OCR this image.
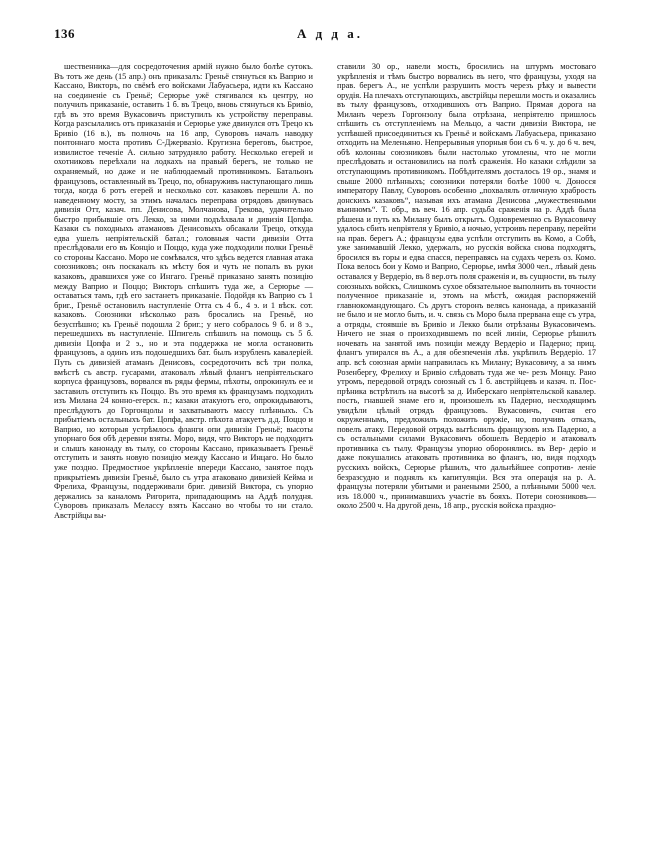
136	А д д а.

шественника—для сосредоточения армій нужно было болѣе сутокъ. Въ тотъ же день (15 апр.) онъ приказалъ: Греньё стянуться къ Ваприо и Кассано, Викторъ, по свёмѣ его войсками Лабуасьера, идти къ Кассано на соединеніе съ Греньё; Серюрье ужё стягивался къ центру, но получилъ приказаніе, оставить 1 б. въ Трецо, вновь стянуться къ Бривіо, гдѣ въ это время Вукасовичъ приступилъ къ устройству переправы. Когда разсылались отъ приказанія и Серюрье уже двинулся отъ Трецо къ Бривіо (16 в.), въ полночь на 16 апр, Суворовъ началъ наводку понтоннаго моста противъ С-Джервазіо. Кругизна береговъ, быстрое, извилистое теченіе А. сильно затрудняло работу. Несколько егерей и охотниковъ переѣхали на лодкахъ на правый берегъ, не только не охраняемый, но даже и не наблюдаемый противникомъ. Батальонъ французовъ, оставленный въ Трецо, по, обнаруживъ наступающаго лишь тогда, когда 6 ротъ егерей и несколько сот. казаковъ перешли А. по наведенному мосту, за этимъ началась переправа отрядовъ двинувась дивизія Отт, казач. пп. Денисова, Молчанова, Грекова, удачнтельно быстро прибывшіе отъ Лекко, за ними подъѣхвала и дивизія Цопфа. Казаки съ походныхъ атамановъ Денисовыхъ обсакали Трецо, откуда едва ушелъ непріятельскій батал.; головныя части дивизіи Отта преслѣдовали его въ Конціо и Поццо, куда уже подходили полки Греньё со стороны Кассано. Моро не сомѣвался, что здѣсь ведется главная атака союзниковъ; онъ поскакалъ къ мѣсту боя и чуть не попалъ въ руки казаковъ, дравшихся уже со Ингаго. Греньё приказано занять позицію между Ваприо и Поццо; Викторъ спѣшитъ туда же, а Серюрье — оставаться тамъ, гдѣ его застанетъ приказаніе. Подойдя къ Ваприо съ 1 бриг., Греньё остановилъ наступленіе Отта съ 4 б., 4 э. и 1 вѣск. сот. казаковъ. Союзники нѣсколько разъ бросались на Греньё, но безуспѣшно; къ Греньё подошла 2 бриг.; у него собралось 9 б. и 8 э., перешедшихъ въ наступленіе. Шпигель спѣшилъ на помощь съ 5 б. дивизіи Цопфа и 2 э., но и эта поддержка не могла остановить французовъ, а одинъ изъ подошедшихъ бат. былъ изрубленъ кавалеріей. Путь съ дивизіей атаманъ Денисовъ, сосредоточить всѣ три полка, вмѣстѣ съ австр. гусарами, атаковалъ лѣвый флангъ непріятельскаго корпуса французовъ, ворвался въ ряды фермы, пѣхоты, опрокинулъ ее и заставилъ отступить къ Поццо. Въ это время къ французамъ подходилъ изъ Милана 24 конно-егерск. п.; казаки атакуютъ его, опрокидываютъ, преслѣдуютъ до Горгонцолы и захватываютъ массу плѣнныхъ. Съ прибытіемъ остальныхъ бат. Цопфа, австр. пѣхота атакуетъ д.д. Поццо и Ваприо, но которыя устрѣмлось фланги опи дивизіи Греньё; высоты упорнаго боя обѣ деревни взяты. Моро, видя, что Викторъ не подходитъ и слышъ канонаду въ тылу, со стороны Кассано, приказываетъ Греньё отступить и занять новую позицію между Кассано и Инцаго. Но было уже поздно. Предмостное укрѣпленіе впереди Кассано, занятое подъ прикрытіемъ дивизіи Греньё, было съ утра атаковано дивизіей Кейма и Фрелиха, Французы, поддерживали бриг. дивизій Виктора, съ упорно держались за каналомъ Ригорита, припадающимъ на Аддѣ полудня. Суворовъ приказалъ Мелассу взять Кассано во чтобы то ни стало. Австрійцы вы-

ставили 30 ор., навели мость, бросились на штурмъ мостоваго укрѣпленія и тѣмъ быстро ворвались въ него, что французы, уходя на прав. берегъ А., не успѣли разрушить мостъ черезъ рѣку и вывести орудія. На плечахъ отступающихъ, австрійцы перешли мость и оказались въ тылу французовъ, отходившихъ отъ Ваприо. Прямая дорога на Миланъ черезъ Горгонзолу была отрѣзана, непріятелю пришлось спѣшить съ отступленіемъ на Мельцо, а части дивизіи Виктора, не успѣвшей присоединиться къ Греньё и войскамъ Лабуасьера, приказано отходить на Меленьяно. Непрерывныя упорныя бои съ 6 ч. у. до 6 ч. веч, обѣ колонны союзниковъ были настолько утомлены, что не могли преслѣдовать и остановились на полѣ сраженія. Но казаки слѣдили за отступающимъ противникомъ. Побѣдителямъ досталось 19 ор., знамя и свыше 2000 плѣнныхъ; союзники потеряли болѣе 1000 ч. Доносся императору Павлу, Суворовъ особенно „похвалялъ отличную храбрость донскихъ казаковъ“, называя ихъ атамана Денисова „мужественными въинномъ“. Т. обр., въ веч. 16 апр. судьба сраженія на р. Аддѣ была рѣшена и путь къ Милану былъ открытъ. Одновременно съ Вукасовичу удалось сбить непріятеля у Бривіо, а ночью, устроивъ переправу, перейти на прав. берегъ А.; французы едва успѣли отступить въ Комо, а Собѣ, уже занимавшій Лекко, удержалъ, но русскія войска снова подходятъ, бросился въ горы и едва спасся, переправясь на судахъ черезъ оз. Комо. Пока велось бои у Комо и Ваприо, Серюрье, имѣя 3000 чел., лѣвый день оставался у Вердеріо, въ 8 вер.отъ поля сраженія и, въ сущности, въ тылу союзныхъ войскъ, Слишкомъ сухое обязательное выполнить въ точности полученное приказаніе и, этомъ на мѣстѣ, ожидая распоряженій главнокомандующаго. Съ другъ сторонъ велясь канонада, а приказаній не было и не могло быть, и. ч. связь съ Моро была прервана еще съ утра, а отряды, стоявшіе въ Бривіо и Лекко были отрѣзаны Вукасовичемъ. Ничего не зная о произходившемъ по всей линіи, Серюрье рѣшилъ ночевать на занятой имъ позиціи между Вердеріо и Падерно; приц. флангъ упирался въ А., а для обезпеченія лѣв. укрѣпилъ Вердеріо. 17 апр. всѣ союзная арміи направилась къ Милану; Вукасовичу, а за нимъ Розенбергу, Фрелиху и Бривіо слѣдовать туда же че- резъ Монцу. Рано утромъ, передовой отрядъ союзный съ 1 б. австрійцевъ и казач. п. Пос- прѣника встрѣтилъ на высотѣ за д. Инберскаго непріятельской кавалер. постъ, гнавшей знаме его и, произошелъ къ Падерно, несходящимъ увидѣли цѣлый отрядъ французовъ. Вукасовичъ, считая его окруженнымъ, предложилъ положить оружіе, но, получивъ отказъ, повелъ атаку. Передовой отрядъ вытѣснилъ французовъ изъ Падерно, а съ остальными силами Вукасовичъ обошелъ Вердеріо и атаковалъ противника съ тылу. Французы упорно оборонялись. въ Вер- деріо и даже покушались атаковать противника во флангъ, но, видя подходъ русскихъ войскъ, Серюрье рѣшилъ, что дальнѣйшее сопротив- леніе безразсудно и поднялъ къ капитуляціи. Вся эта операція на р. А. французы потеряли убитыми и ранеными 2500, а плѣнными 5000 чел. изъ 18.000 ч., принимавшихъ участіе въ бояхъ. Потери союзниковъ—около 2500 ч. На другой день, 18 апр., русскія войска праздно-
